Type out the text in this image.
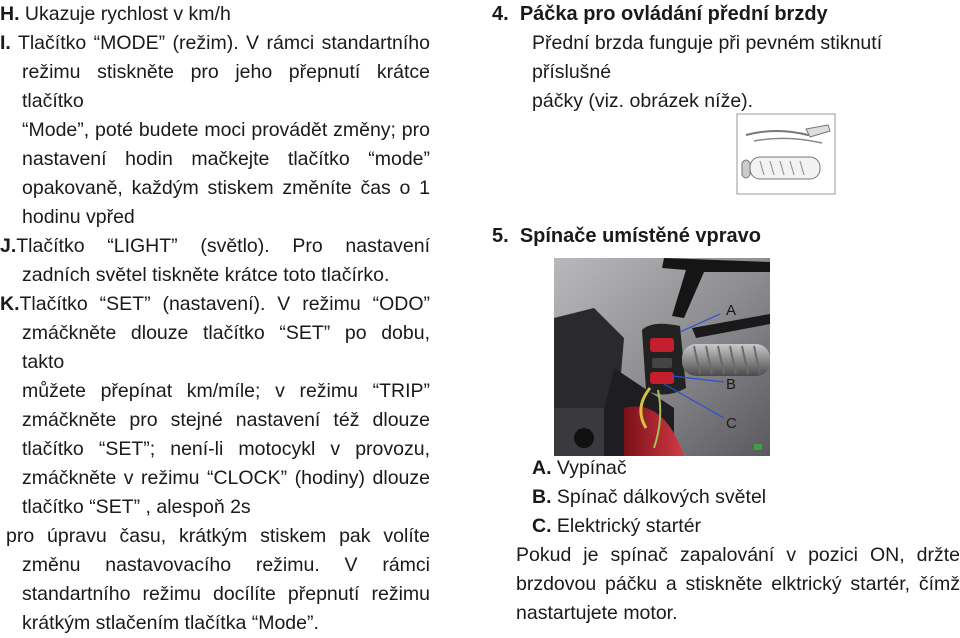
H. Ukazuje rychlost v km/h

I. Tlačítko “MODE” (režim). V rámci standartního
režimu stiskněte pro jeho přepnutí krátce tlačítko
“Mode”, poté budete moci provádět změny; pro
nastavení hodin mačkejte tlačítko “mode”
opakovaně, každým stiskem změníte čas o 1
hodinu vpřed
J.Tlačítko “LIGHT” (světlo). Pro nastavení
zadních světel tiskněte krátce toto tlačírko.
K.Tlačítko “SET” (nastavení). V režimu “ODO”
zmáčkněte dlouze tlačítko “SET” po dobu, takto
můžete přepínat km/míle; v režimu “TRIP”
zmáčkněte pro stejné nastavení též dlouze
tlačítko “SET”; není-li motocykl v provozu,
zmáčkněte v režimu “CLOCK” (hodiny) dlouze
tlačítko “SET” , alespoň 2s
pro úpravu času, krátkým stiskem pak volíte
změnu nastavovacího režimu. V rámci
standartního režimu docílíte přepnutí režimu
krátkým stlačením tlačítka “Mode”.
4. Páčka pro ovládání přední brzdy
Přední brzda funguje při pevném stiknutí příslušné
páčky (viz. obrázek níže).
5. Spínače umístěné vpravo
A
B
C
A. Vypínač
B. Spínač dálkových světel
C. Elektrický startér
Pokud je spínač zapalování v pozici ON, držte
brzdovou páčku a stiskněte elktrický startér, čímž
nastartujete motor.
